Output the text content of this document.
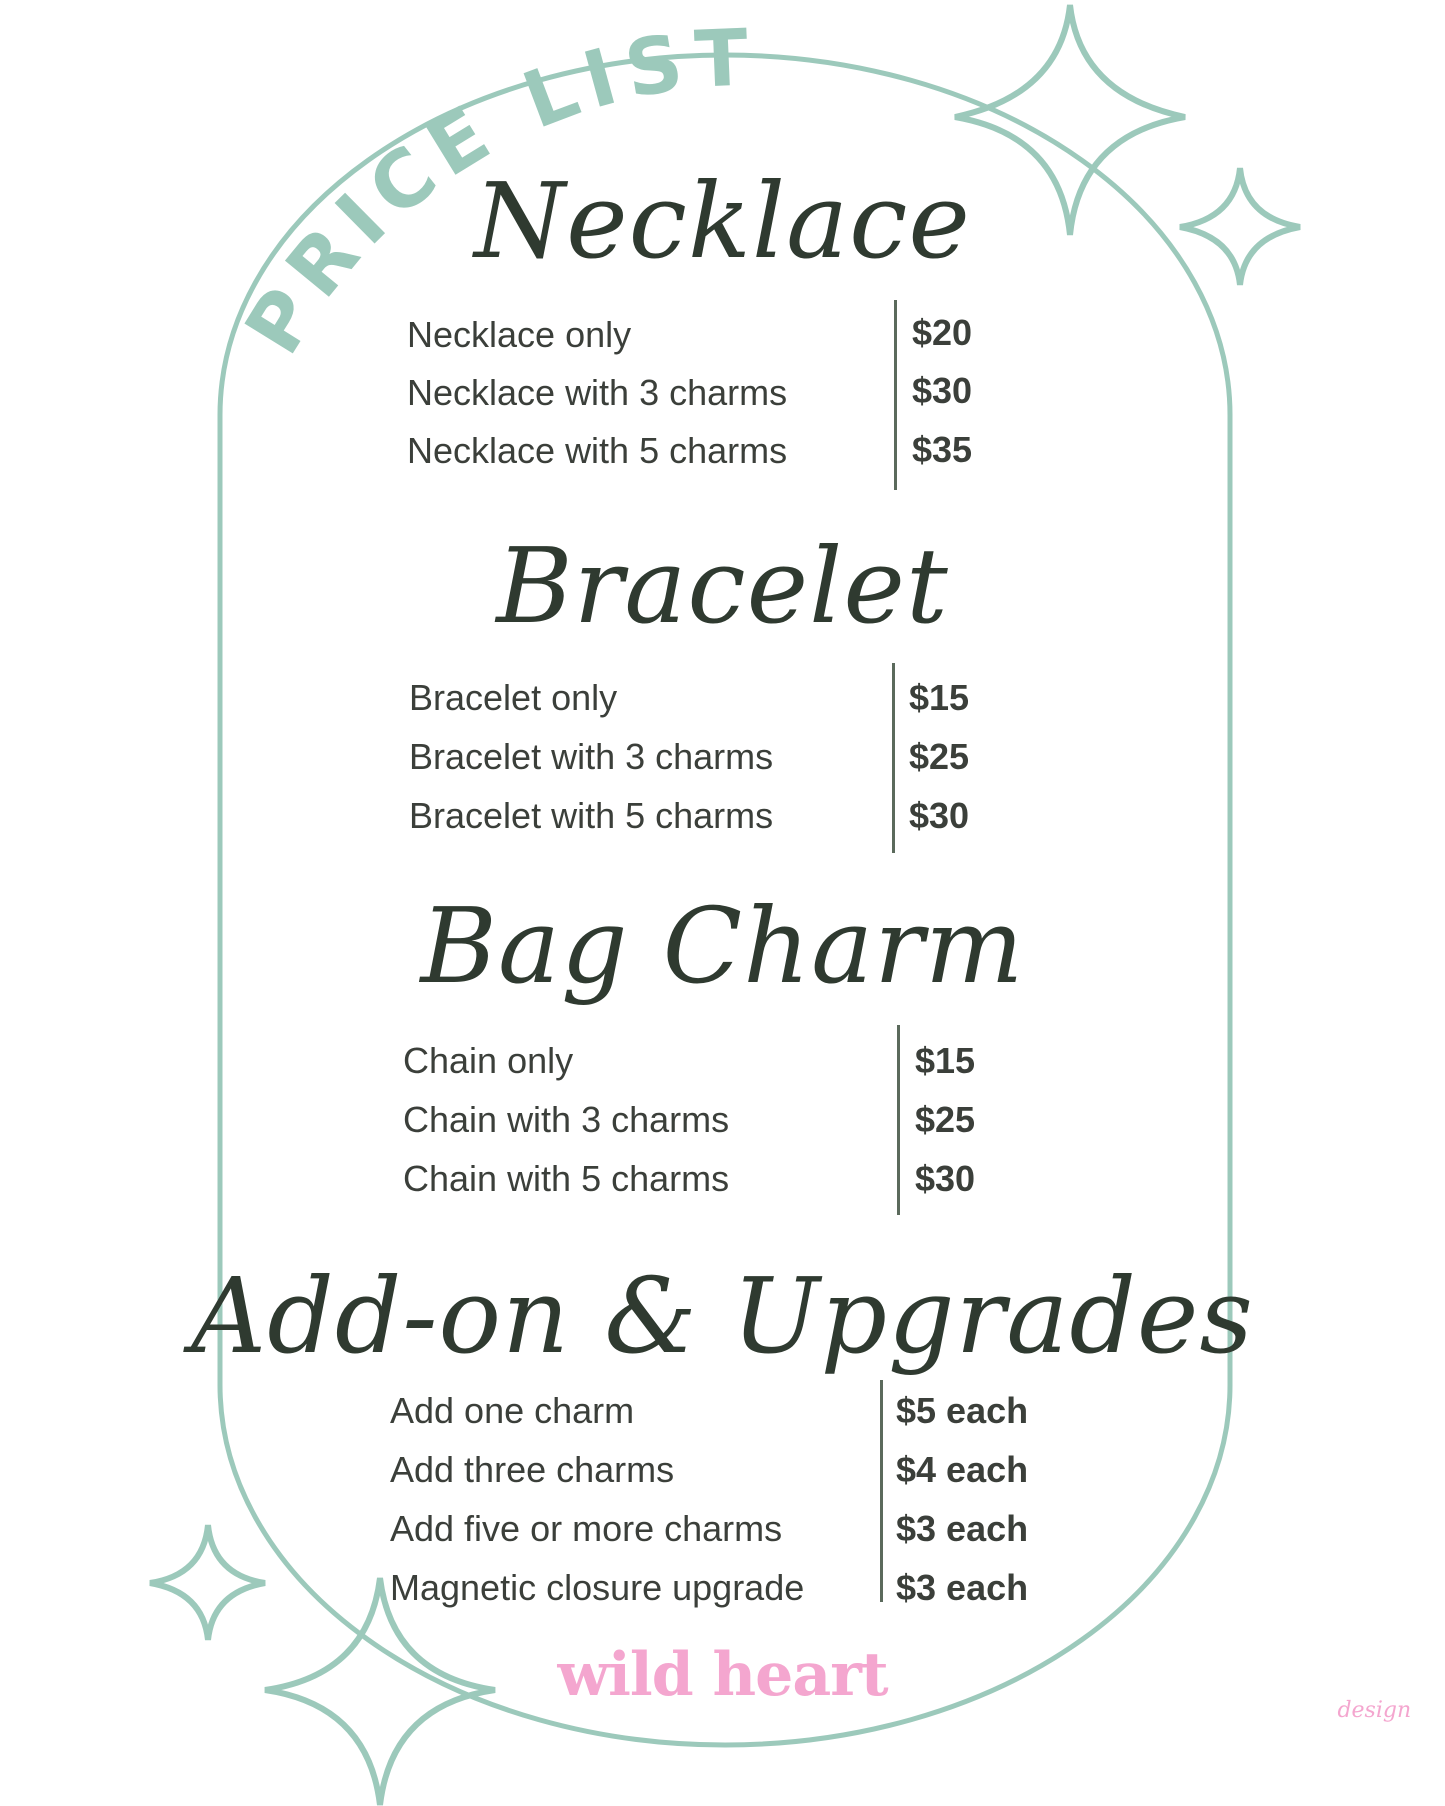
PRICE LIST
Necklace
Necklace only
Necklace with 3 charms
Necklace with 5 charms
$20
$30
$35
Bracelet
Bracelet only
Bracelet with 3 charms
Bracelet with 5 charms
$15
$25
$30
Bag Charm
Chain only
Chain with 3 charms
Chain with 5 charms
$15
$25
$30
Add-on & Upgrades
Add one charm
Add three charms
Add five or more charms
Magnetic closure upgrade
$5 each
$4 each
$3 each
$3 each
wild heart
design
